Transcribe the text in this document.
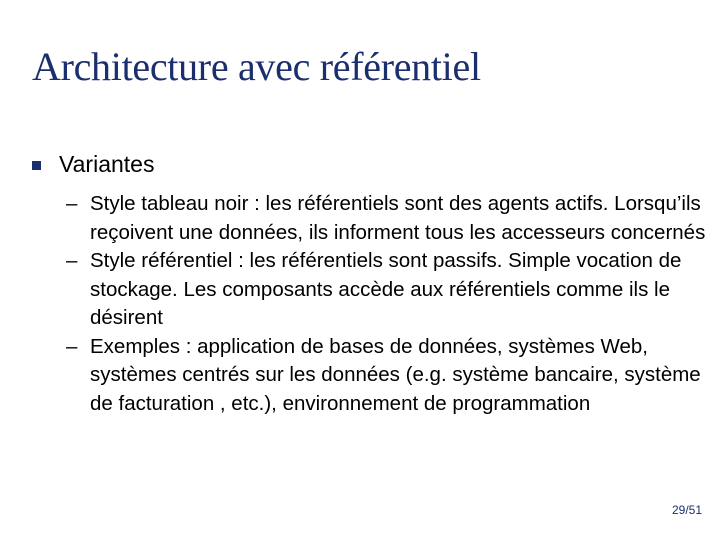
Architecture avec référentiel
Variantes
– Style tableau noir : les référentiels sont des agents actifs. Lorsqu’ils reçoivent une données, ils informent tous les accesseurs concernés
– Style référentiel : les référentiels sont passifs. Simple vocation de stockage. Les composants accède aux référentiels comme ils le désirent
– Exemples : application de bases de données, systèmes Web, systèmes centrés sur les données (e.g. système bancaire, système de facturation , etc.), environnement de programmation
29/51
